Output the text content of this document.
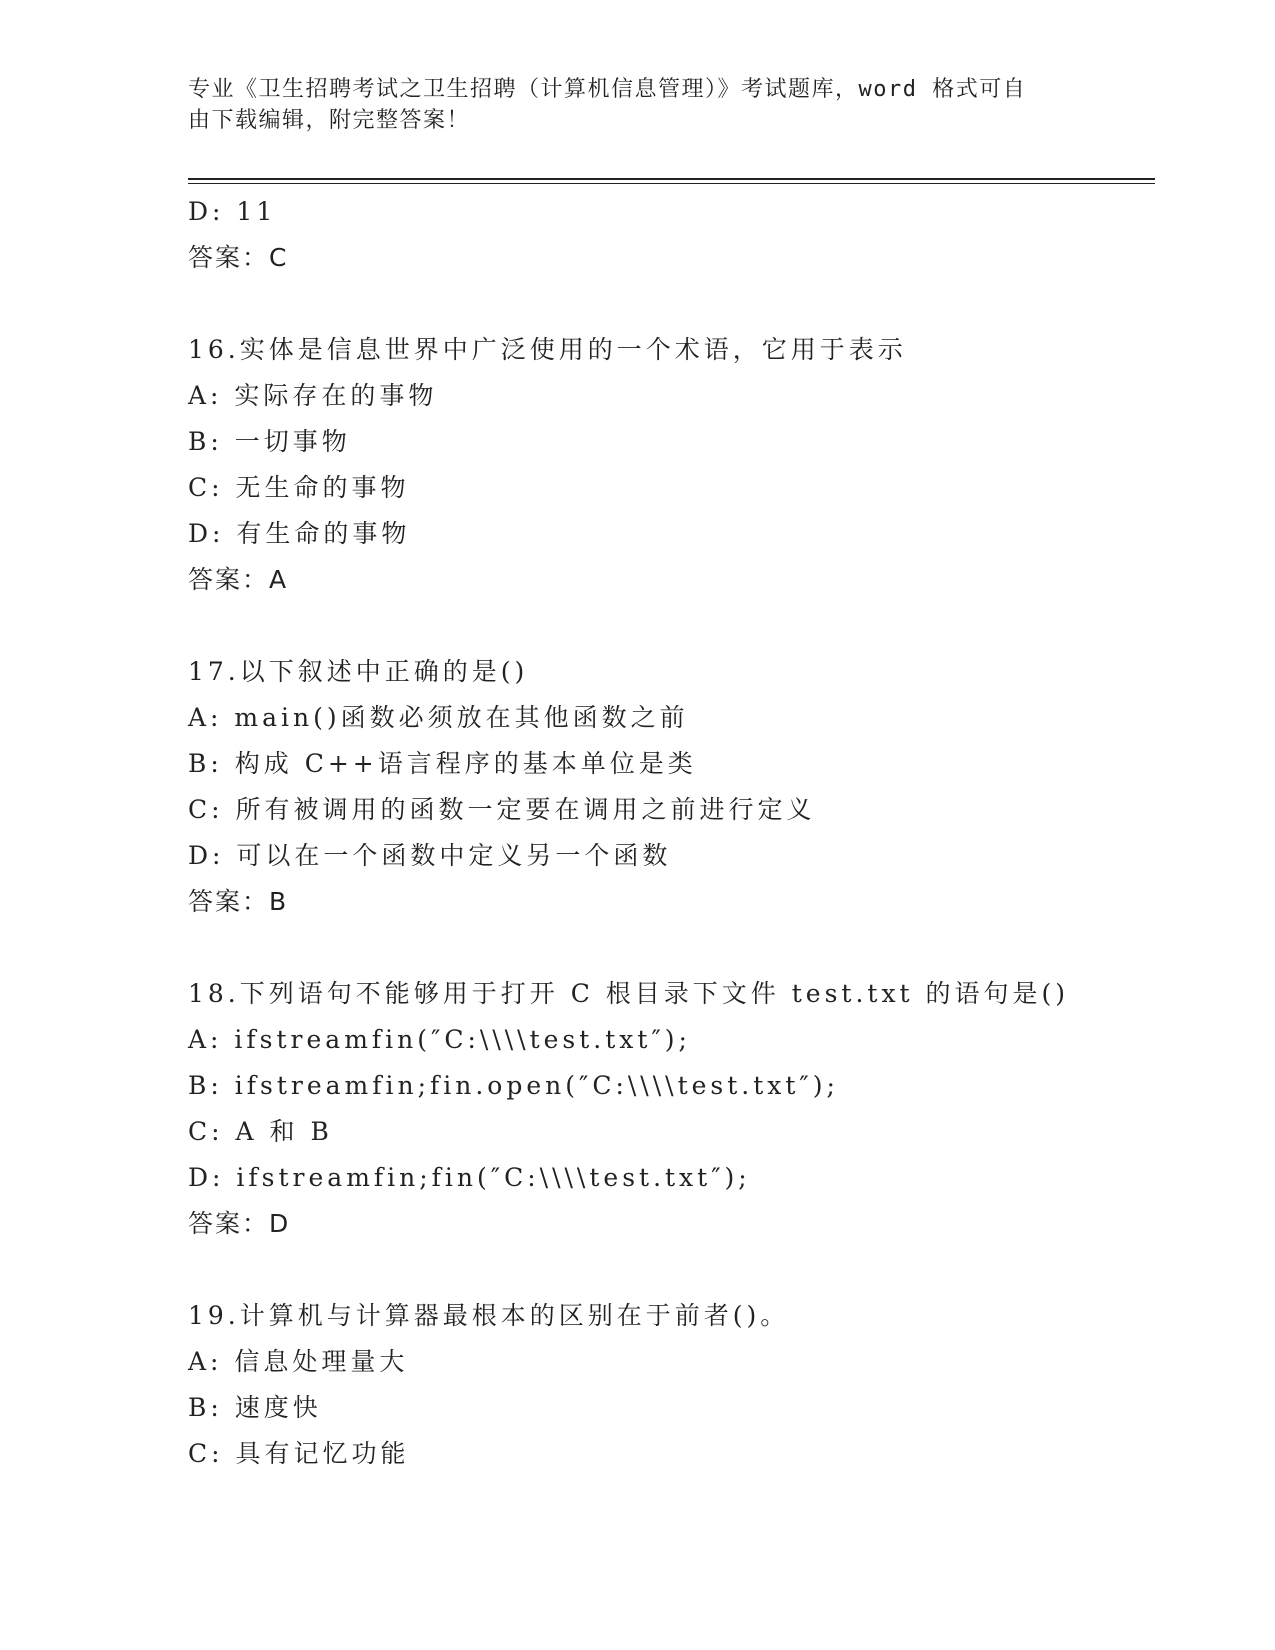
专业《卫生招聘考试之卫生招聘（计算机信息管理）》考试题库，word 格式可自

由下载编辑，附完整答案！

D: 11
答案：C
16.实体是信息世界中广泛使用的一个术语，它用于表示
A: 实际存在的事物
B: 一切事物
C: 无生命的事物
D: 有生命的事物
答案：A
17.以下叙述中正确的是()
A: main()函数必须放在其他函数之前
B: 构成 C++语言程序的基本单位是类
C: 所有被调用的函数一定要在调用之前进行定义
D: 可以在一个函数中定义另一个函数
答案：B
18.下列语句不能够用于打开 C 根目录下文件 test.txt 的语句是()
A: ifstreamfin(″C:\\\\test.txt″);
B: ifstreamfin;fin.open(″C:\\\\test.txt″);
C: A 和 B
D: ifstreamfin;fin(″C:\\\\test.txt″);
答案：D
19.计算机与计算器最根本的区别在于前者()。
A: 信息处理量大
B: 速度快
C: 具有记忆功能
